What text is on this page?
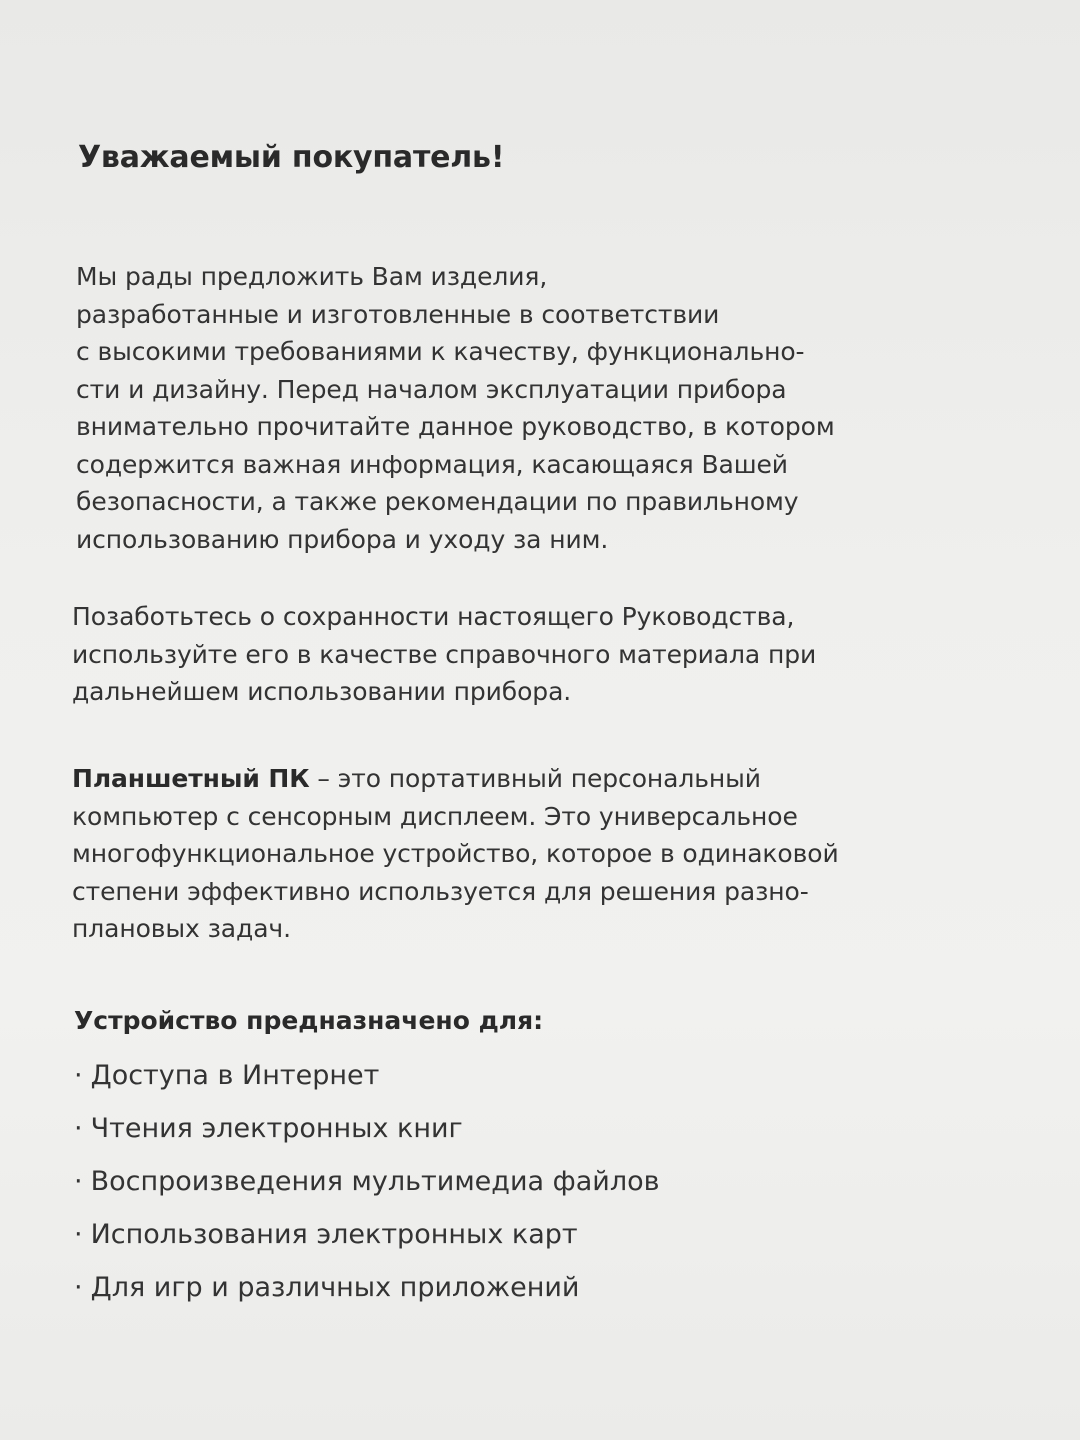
Уважаемый покупатель!

Мы рады предложить Вам изделия,
разработанные и изготовленные в соответствии
с высокими требованиями к качеству, функционально-
сти и дизайну. Перед началом эксплуатации прибора
внимательно прочитайте данное руководство, в котором
содержится важная информация, касающаяся Вашей
безопасности, а также рекомендации по правильному
использованию прибора и уходу за ним.

Позаботьтесь о сохранности настоящего Руководства,
используйте его в качестве справочного материала при
дальнейшем использовании прибора.

Планшетный ПК – это портативный персональный
компьютер с сенсорным дисплеем. Это универсальное
многофункциональное устройство, которое в одинаковой
степени эффективно используется для решения разно-
плановых задач.

Устройство предназначено для:
· Доступа в Интернет
· Чтения электронных книг
· Воспроизведения мультимедиа файлов
· Использования электронных карт
· Для игр и различных приложений
